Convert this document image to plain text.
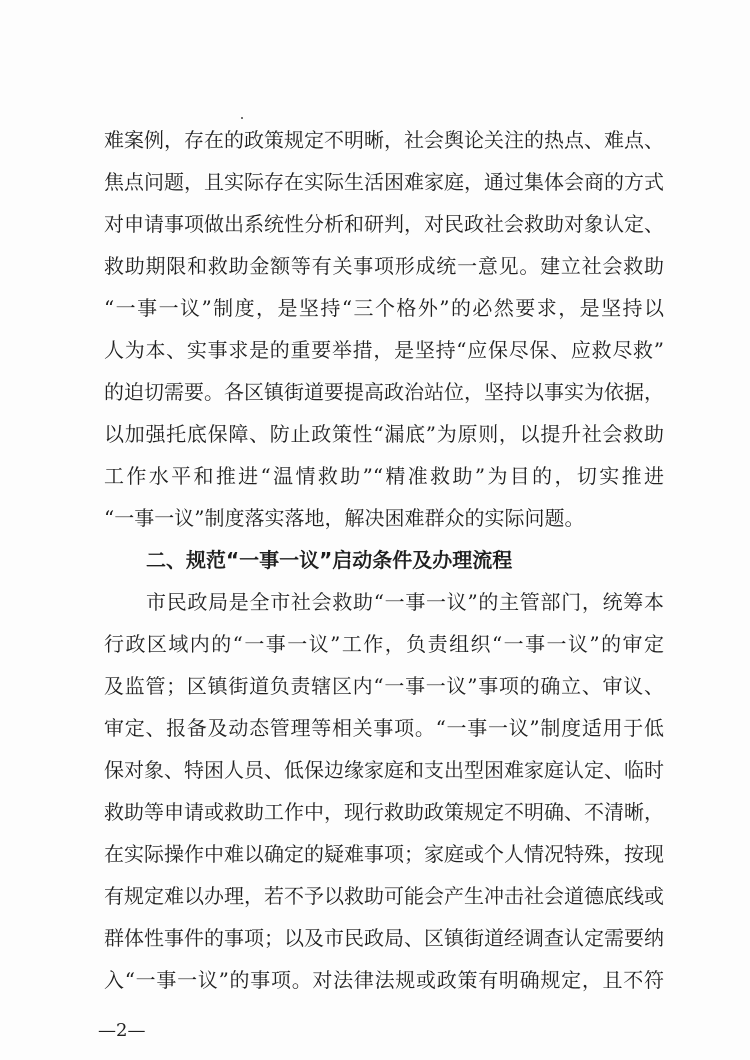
难案例，存在的政策规定不明晰，社会舆论关注的热点、难点、
焦点问题，且实际存在实际生活困难家庭，通过集体会商的方式
对申请事项做出系统性分析和研判，对民政社会救助对象认定、
救助期限和救助金额等有关事项形成统一意见。建立社会救助
“一事一议”制度，是坚持“三个格外”的必然要求，是坚持以
人为本、实事求是的重要举措，是坚持“应保尽保、应救尽救”
的迫切需要。各区镇街道要提高政治站位，坚持以事实为依据，
以加强托底保障、防止政策性“漏底”为原则，以提升社会救助
工作水平和推进“温情救助”“精准救助”为目的，切实推进
“一事一议”制度落实落地，解决困难群众的实际问题。
二、规范“一事一议”启动条件及办理流程
市民政局是全市社会救助“一事一议”的主管部门，统筹本
行政区域内的“一事一议”工作，负责组织“一事一议”的审定
及监管；区镇街道负责辖区内“一事一议”事项的确立、审议、
审定、报备及动态管理等相关事项。“一事一议”制度适用于低
保对象、特困人员、低保边缘家庭和支出型困难家庭认定、临时
救助等申请或救助工作中，现行救助政策规定不明确、不清晰，
在实际操作中难以确定的疑难事项；家庭或个人情况特殊，按现
有规定难以办理，若不予以救助可能会产生冲击社会道德底线或
群体性事件的事项；以及市民政局、区镇街道经调查认定需要纳
入“一事一议”的事项。对法律法规或政策有明确规定，且不符
—2—
